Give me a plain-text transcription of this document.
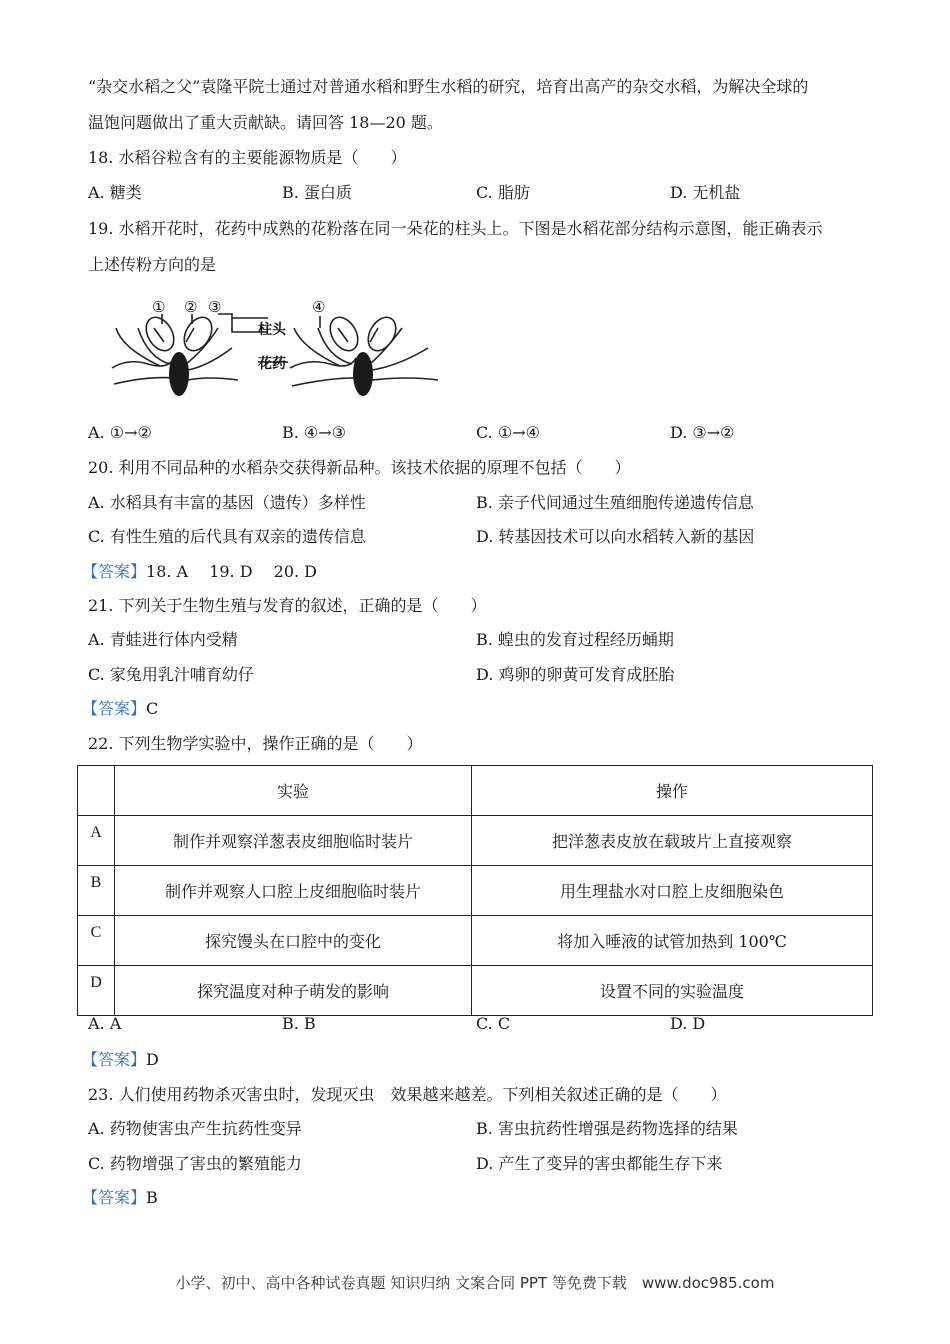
“杂交水稻之父”袁隆平院士通过对普通水稻和野生水稻的研究，培育出高产的杂交水稻，为解决全球的
温饱问题做出了重大贡献缺。请回答 18—20 题。
18. 水稻谷粒含有的主要能源物质是（　　）
A. 糖类	B. 蛋白质	C. 脂肪	D. 无机盐
19. 水稻开花时，花药中成熟的花粉落在同一朵花的柱头上。下图是水稻花部分结构示意图，能正确表示
上述传粉方向的是
① ② ③	④
柱头
花药
A. ①→②	B. ④→③	C. ①→④	D. ③→②
20. 利用不同品种的水稻杂交获得新品种。该技术依据的原理不包括（　　）
A. 水稻具有丰富的基因（遗传）多样性	B. 亲子代间通过生殖细胞传递遗传信息
C. 有性生殖的后代具有双亲的遗传信息	D. 转基因技术可以向水稻转入新的基因
【答案】18. A　 19. D　 20. D
21. 下列关于生物生殖与发育的叙述，正确的是（　　）
A. 青蛙进行体内受精	B. 蝗虫的发育过程经历蛹期
C. 家兔用乳汁哺育幼仔	D. 鸡卵的卵黄可发育成胚胎
【答案】C
22. 下列生物学实验中，操作正确的是（　　）
	实验	操作
A	制作并观察洋葱表皮细胞临时装片	把洋葱表皮放在载玻片上直接观察
B	制作并观察人口腔上皮细胞临时装片	用生理盐水对口腔上皮细胞染色
C	探究馒头在口腔中的变化	将加入唾液的试管加热到 100℃
D	探究温度对种子萌发的影响	设置不同的实验温度
A. A	B. B	C. C	D. D
【答案】D
23. 人们使用药物杀灭害虫时，发现灭虫　效果越来越差。下列相关叙述正确的是（　　）
A. 药物使害虫产生抗药性变异	B. 害虫抗药性增强是药物选择的结果
C. 药物增强了害虫的繁殖能力	D. 产生了变异的害虫都能生存下来
【答案】B
小学、初中、高中各种试卷真题 知识归纳 文案合同 PPT 等免费下载　www.doc985.com
